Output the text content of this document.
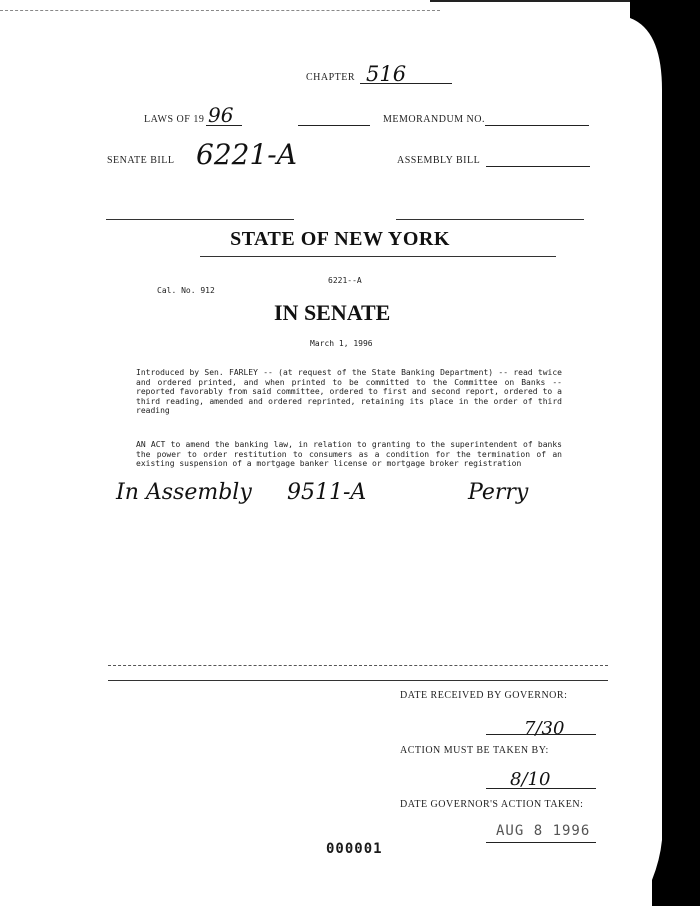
CHAPTER 516
LAWS OF 19 96	MEMORANDUM NO.
SENATE BILL 6221-A	ASSEMBLY BILL
STATE OF NEW YORK
6221--A
Cal. No. 912
IN SENATE
March 1, 1996
Introduced by Sen. FARLEY -- (at request of the State Banking Department) -- read twice and ordered printed, and when printed to be committed to the Committee on Banks -- reported favorably from said committee, ordered to first and second report, ordered to a third reading, amended and ordered reprinted, retaining its place in the order of third reading
AN ACT to amend the banking law, in relation to granting to the superintendent of banks the power to order restitution to consumers as a condition for the termination of an existing suspension of a mortgage banker license or mortgage broker registration
In Assembly 9511-A	Perry
DATE RECEIVED BY GOVERNOR:
7/30
ACTION MUST BE TAKEN BY:
8/10
DATE GOVERNOR'S ACTION TAKEN:
AUG 8 1996
000001
